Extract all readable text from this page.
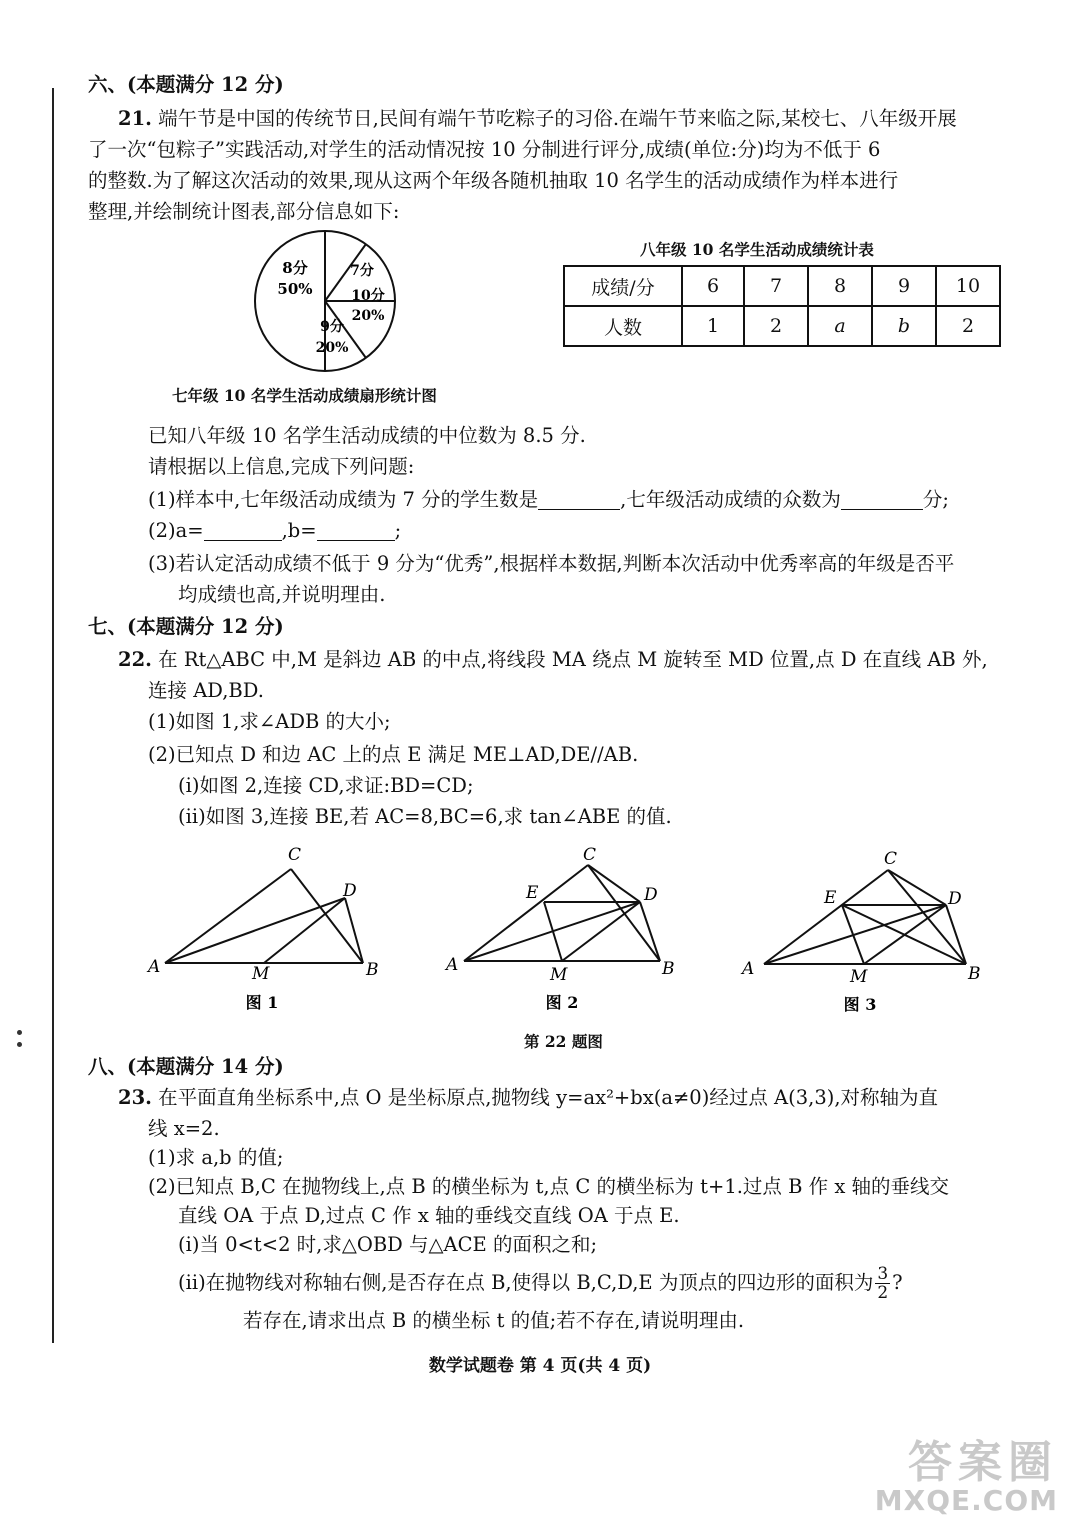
六、(本题满分 12 分)
21. 端午节是中国的传统节日,民间有端午节吃粽子的习俗.在端午节来临之际,某校七、八年级开展
了一次“包粽子”实践活动,对学生的活动情况按 10 分制进行评分,成绩(单位:分)均为不低于 6
的整数.为了解这次活动的效果,现从这两个年级各随机抽取 10 名学生的活动成绩作为样本进行
整理,并绘制统计图表,部分信息如下:
8分
50%
7分
10分
20%
9分
20%
七年级 10 名学生活动成绩扇形统计图
八年级 10 名学生活动成绩统计表
成绩/分	6	7	8	9	10
人数	1	2	a	b	2
已知八年级 10 名学生活动成绩的中位数为 8.5 分.
请根据以上信息,完成下列问题:
(1)样本中,七年级活动成绩为 7 分的学生数是	,七年级活动成绩的众数为	分;
(2)a=	,b=	;
(3)若认定活动成绩不低于 9 分为“优秀”,根据样本数据,判断本次活动中优秀率高的年级是否平
均成绩也高,并说明理由.
七、(本题满分 12 分)
22. 在 Rt△ABC 中,M 是斜边 AB 的中点,将线段 MA 绕点 M 旋转至 MD 位置,点 D 在直线 AB 外,
连接 AD,BD.
(1)如图 1,求∠ADB 的大小;
(2)已知点 D 和边 AC 上的点 E 满足 ME⊥AD,DE//AB.
(ⅰ)如图 2,连接 CD,求证:BD=CD;
(ⅱ)如图 3,连接 BE,若 AC=8,BC=6,求 tan∠ABE 的值.
C
D
A	M	B
图 1
C
E	D
A	M	B
图 2
C
E	D
A	M	B
图 3
第 22 题图
八、(本题满分 14 分)
23. 在平面直角坐标系中,点 O 是坐标原点,抛物线 y=ax²+bx(a≠0)经过点 A(3,3),对称轴为直
线 x=2.
(1)求 a,b 的值;
(2)已知点 B,C 在抛物线上,点 B 的横坐标为 t,点 C 的横坐标为 t+1.过点 B 作 x 轴的垂线交
直线 OA 于点 D,过点 C 作 x 轴的垂线交直线 OA 于点 E.
(ⅰ)当 0<t<2 时,求△OBD 与△ACE 的面积之和;
(ⅱ)在抛物线对称轴右侧,是否存在点 B,使得以 B,C,D,E 为顶点的四边形的面积为 $\frac{3}{2}$ ?
若存在,请求出点 B 的横坐标 t 的值;若不存在,请说明理由.
数学试题卷 第 4 页(共 4 页)
答案圈
MXQE.COM
